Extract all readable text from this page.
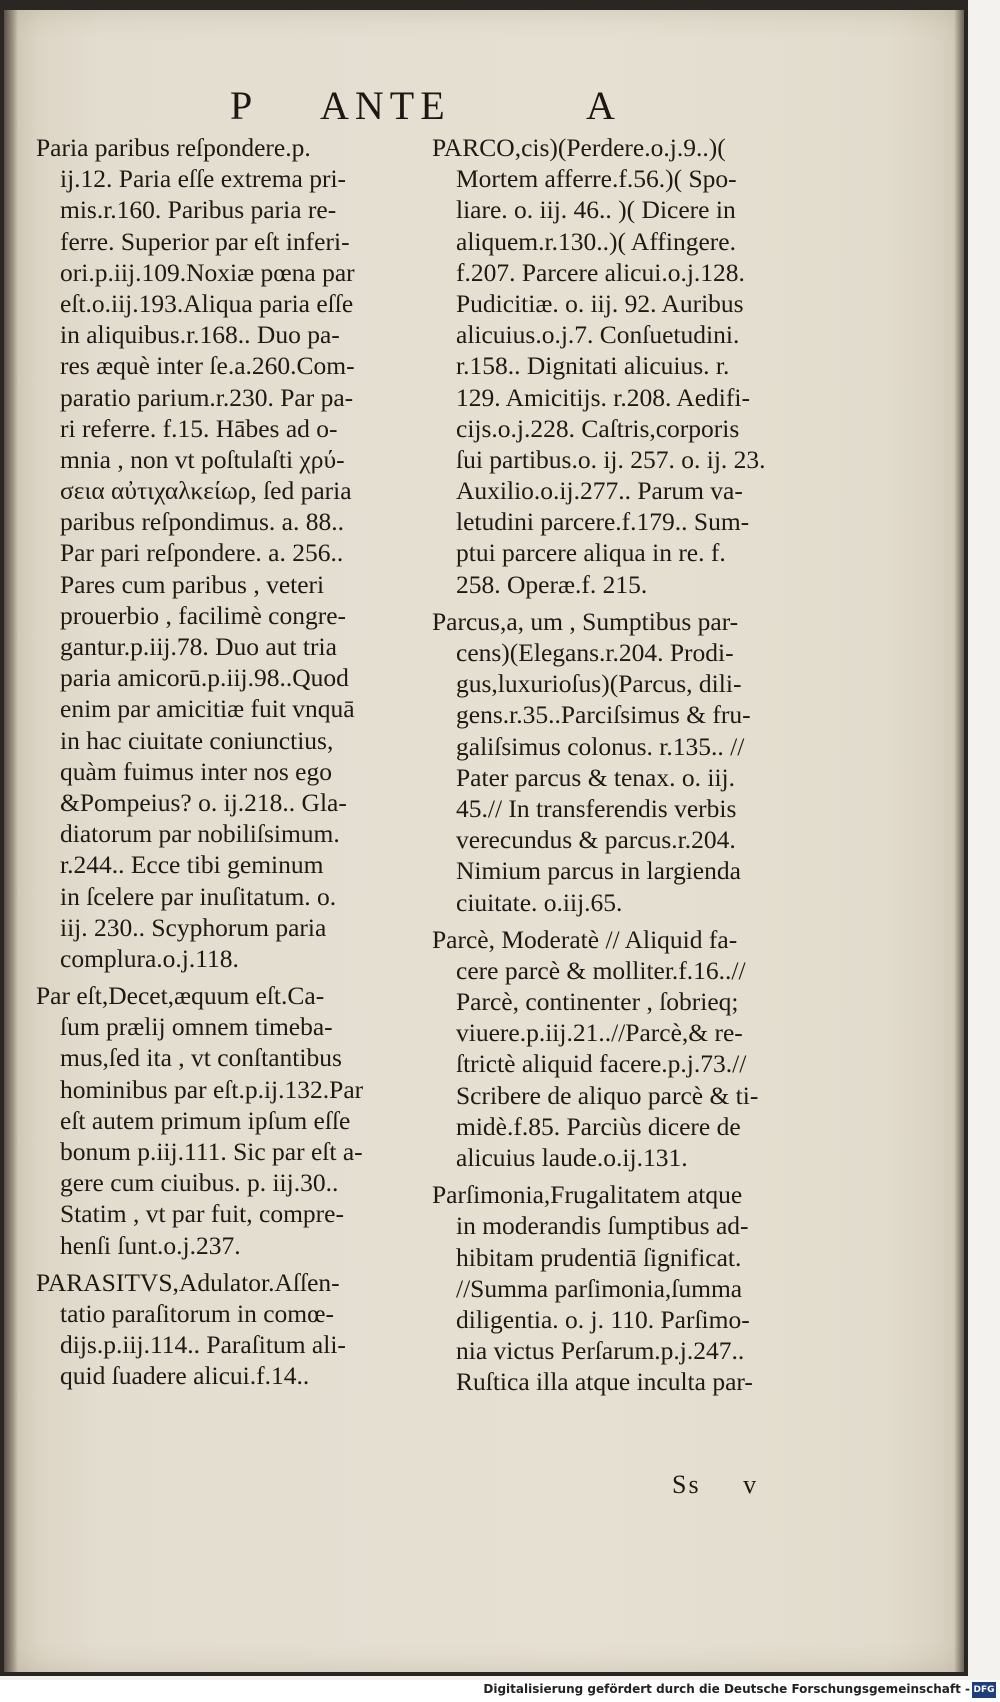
P ANTE	A
Paria paribus reſpondere.p.
ij.12. Paria eſſe extrema pri-
mis.r.160. Paribus paria re-
ferre. Superior par eſt inferi-
ori.p.iij.109.Noxiæ pœna par
eſt.o.iij.193.Aliqua paria eſſe
in aliquibus.r.168.. Duo pa-
res æquè inter ſe.a.260.Com-
paratio parium.r.230. Par pa-
ri referre. f.15. Hābes ad o-
mnia , non vt poſtulaſti χρύ-
σεια αὐτιχαλκείωρ, ſed paria
paribus reſpondimus. a. 88..
Par pari reſpondere. a. 256..
Pares cum paribus , veteri
prouerbio , facilimè congre-
gantur.p.iij.78. Duo aut tria
paria amicorū.p.iij.98..Quod
enim par amicitiæ fuit vnquā
in hac ciuitate coniunctius,
quàm fuimus inter nos ego
&Pompeius? o. ij.218.. Gla-
diatorum par nobiliſsimum.
r.244.. Ecce tibi geminum
in ſcelere par inuſitatum. o.
iij. 230.. Scyphorum paria
complura.o.j.118.
Par eſt,Decet,æquum eſt.Ca-
ſum prælij omnem timeba-
mus,ſed ita , vt conſtantibus
hominibus par eſt.p.ij.132.Par
eſt autem primum ipſum eſſe
bonum p.iij.111. Sic par eſt a-
gere cum ciuibus. p. iij.30..
Statim , vt par fuit, compre-
henſi ſunt.o.j.237.
PARASITVS,Adulator.Aſſen-
tatio paraſitorum in comœ-
dijs.p.iij.114.. Paraſitum ali-
quid ſuadere alicui.f.14..
PARCO,cis)(Perdere.o.j.9..)(
Mortem afferre.f.56.)( Spo-
liare. o. iij. 46.. )( Dicere in
aliquem.r.130..)( Affingere.
f.207. Parcere alicui.o.j.128.
Pudicitiæ. o. iij. 92. Auribus
alicuius.o.j.7. Conſuetudini.
r.158.. Dignitati alicuius. r.
129. Amicitijs. r.208. Aedifi-
cijs.o.j.228. Caſtris,corporis
ſui partibus.o. ij. 257. o. ij. 23.
Auxilio.o.ij.277.. Parum va-
letudini parcere.f.179.. Sum-
ptui parcere aliqua in re. f.
258. Operæ.f. 215.
Parcus,a, um , Sumptibus par-
cens)(Elegans.r.204. Prodi-
gus,luxurioſus)(Parcus, dili-
gens.r.35..Parciſsimus & fru-
galiſsimus colonus. r.135.. //
Pater parcus & tenax. o. iij.
45.// In transferendis verbis
verecundus & parcus.r.204.
Nimium parcus in largienda
ciuitate. o.iij.65.
Parcè, Moderatè // Aliquid fa-
cere parcè & molliter.f.16..//
Parcè, continenter , ſobrieq;
viuere.p.iij.21..//Parcè,& re-
ſtrictè aliquid facere.p.j.73.//
Scribere de aliquo parcè & ti-
midè.f.85. Parciùs dicere de
alicuius laude.o.ij.131.
Parſimonia,Frugalitatem atque
in moderandis ſumptibus ad-
hibitam prudentiā ſignificat.
//Summa parſimonia,ſumma
diligentia. o. j. 110. Parſimo-
nia victus Perſarum.p.j.247..
Ruſtica illa atque inculta par-
Ss v
Digitalisierung gefördert durch die Deutsche Forschungsgemeinschaft - DFG
